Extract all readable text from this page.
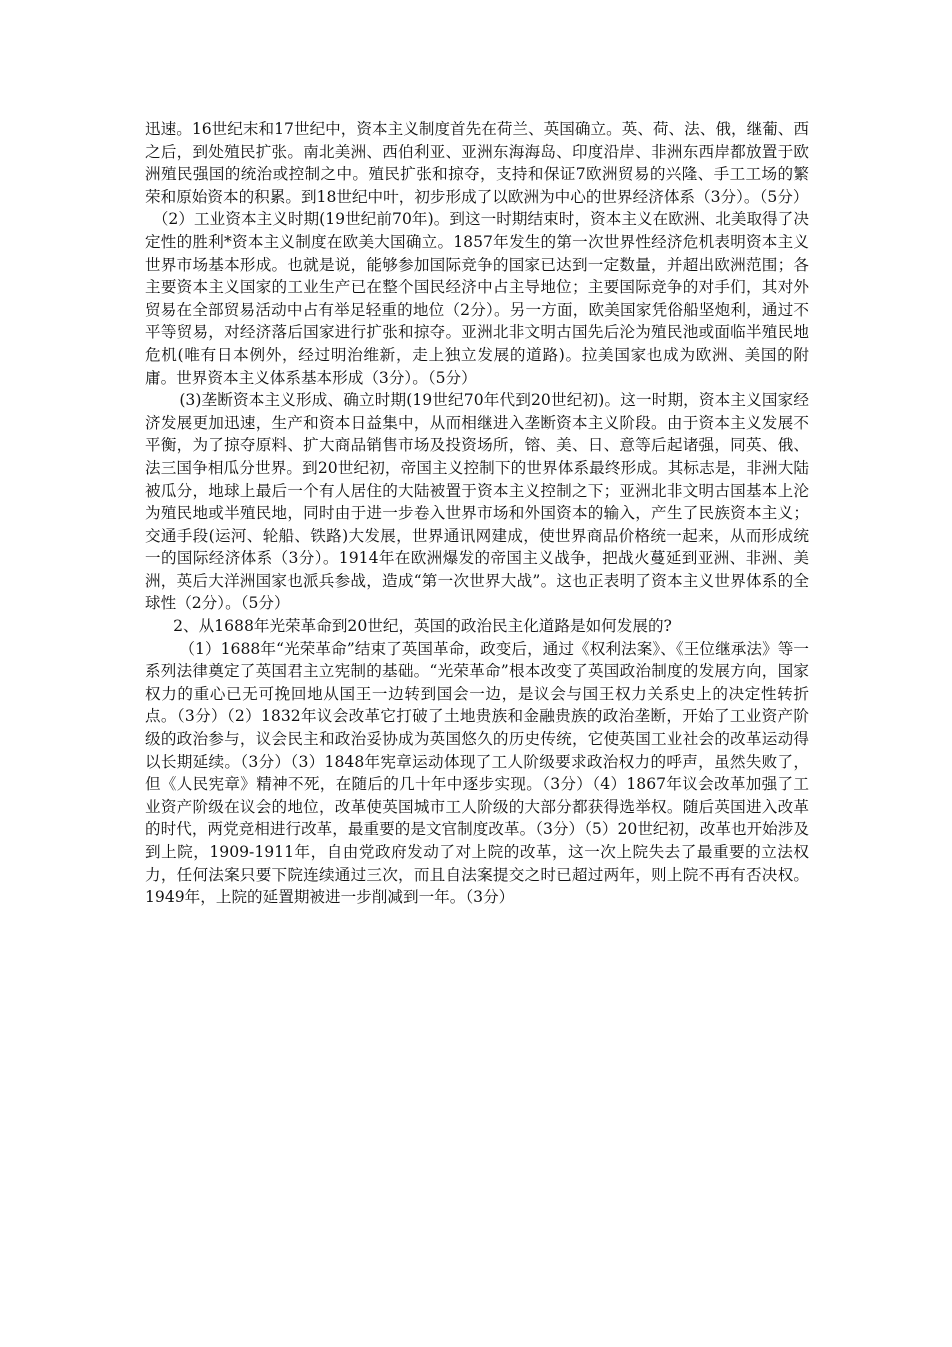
迅速。16世纪末和17世纪中，资本主义制度首先在荷兰、英国确立。英、荷、法、俄，继葡、西之后，到处殖民扩张。南北美洲、西伯利亚、亚洲东海海岛、印度沿岸、非洲东西岸都放置于欧洲殖民强国的统治或控制之中。殖民扩张和掠夺，支持和保证7欧洲贸易的兴隆、手工工场的繁荣和原始资本的积累。到18世纪中叶，初步形成了以欧洲为中心的世界经济体系（3分）。（5分）

（2）工业资本主义时期(19世纪前70年)。到这一时期结束时，资本主义在欧洲、北美取得了决定性的胜利*资本主义制度在欧美大国确立。1857年发生的第一次世界性经济危机表明资本主义世界市场基本形成。也就是说，能够参加国际竞争的国家已达到一定数量，并超出欧洲范围；各主要资本主义国家的工业生产已在整个国民经济中占主导地位；主要国际竞争的对手们，其对外贸易在全部贸易活动中占有举足轻重的地位（2分）。另一方面，欧美国家凭俗船坚炮利，通过不平等贸易，对经济落后国家进行扩张和掠夺。亚洲北非文明古国先后沦为殖民池或面临半殖民地危机(唯有日本例外，经过明治维新，走上独立发展的道路)。拉美国家也成为欧洲、美国的附庸。世界资本主义体系基本形成（3分）。（5分）

(3)垄断资本主义形成、确立时期(19世纪70年代到20世纪初)。这一时期，资本主义国家经济发展更加迅速，生产和资本日益集中，从而相继进入垄断资本主义阶段。由于资本主义发展不平衡，为了掠夺原料、扩大商品销售市场及投资场所，镕、美、日、意等后起诸强，同英、俄、法三国争相瓜分世界。到20世纪初，帝国主义控制下的世界体系最终形成。其标志是，非洲大陆被瓜分，地球上最后一个有人居住的大陆被置于资本主义控制之下；亚洲北非文明古国基本上沦为殖民地或半殖民地，同时由于进一步卷入世界市场和外国资本的输入，产生了民族资本主义；交通手段(运河、轮船、铁路)大发展，世界通讯网建成，使世界商品价格统一起来，从而形成统一的国际经济体系（3分）。1914年在欧洲爆发的帝国主义战争，把战火蔓延到亚洲、非洲、美洲，英后大洋洲国家也派兵参战，造成“第一次世界大战”。这也正表明了资本主义世界体系的全球性（2分）。（5分）

2、从1688年光荣革命到20世纪，英国的政治民主化道路是如何发展的?

（1）1688年“光荣革命”结束了英国革命，政变后，通过《权利法案》、《王位继承法》等一系列法律奠定了英国君主立宪制的基础。“光荣革命”根本改变了英国政治制度的发展方向，国家权力的重心已无可挽回地从国王一边转到国会一边，是议会与国王权力关系史上的决定性转折点。（3分）（2）1832年议会改革它打破了土地贵族和金融贵族的政治垄断，开始了工业资产阶级的政治参与，议会民主和政治妥协成为英国悠久的历史传统，它使英国工业社会的改革运动得以长期延续。（3分）（3）1848年宪章运动体现了工人阶级要求政治权力的呼声，虽然失败了，但《人民宪章》精神不死，在随后的几十年中逐步实现。（3分）（4）1867年议会改革加强了工业资产阶级在议会的地位，改革使英国城市工人阶级的大部分都获得选举权。随后英国进入改革的时代，两党竞相进行改革，最重要的是文官制度改革。（3分）（5）20世纪初，改革也开始涉及到上院，1909-1911年，自由党政府发动了对上院的改革，这一次上院失去了最重要的立法权力，任何法案只要下院连续通过三次，而且自法案提交之时已超过两年，则上院不再有否决权。1949年，上院的延置期被进一步削减到一年。（3分）
